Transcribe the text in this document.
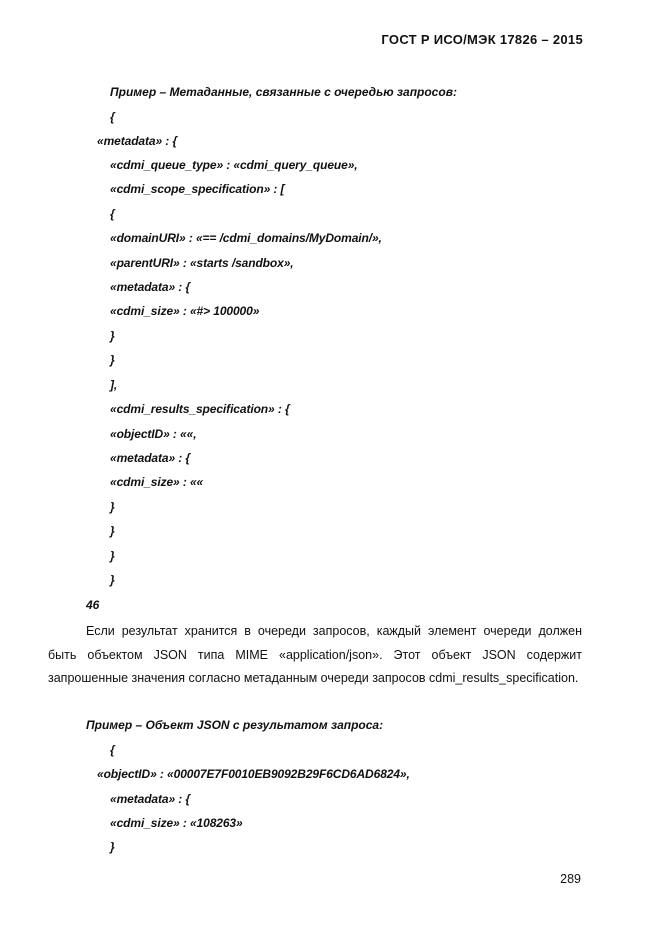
ГОСТ Р ИСО/МЭК 17826 – 2015
Пример – Метаданные, связанные с очередью запросов:
{
«metadata» : {
«cdmi_queue_type» : «cdmi_query_queue»,
«cdmi_scope_specification» : [
{
«domainURI» : «== /cdmi_domains/MyDomain/»,
«parentURI» : «starts /sandbox»,
«metadata» : {
«cdmi_size» : «#> 100000»
}
}
],
«cdmi_results_specification» : {
«objectID» : ««,
«metadata» : {
«cdmi_size» : ««
}
}
}
}
46
Если результат хранится в очереди запросов, каждый элемент очереди должен быть объектом JSON типа MIME «application/json». Этот объект JSON содержит запрошенные значения согласно метаданным очереди запросов cdmi_results_specification.
Пример – Объект JSON с результатом запроса:
{
«objectID» : «00007E7F0010EB9092B29F6CD6AD6824»,
«metadata» : {
«cdmi_size» : «108263»
}
289
